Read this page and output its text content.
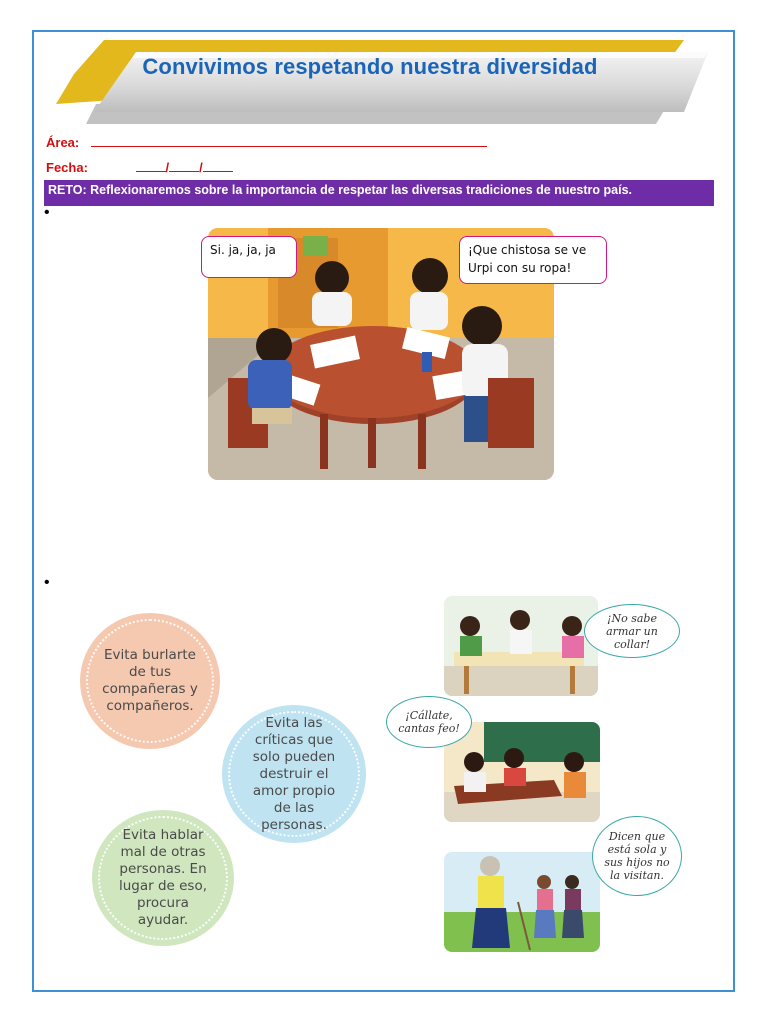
Convivimos respetando nuestra diversidad
Área:
Fecha:	/ /
RETO: Reflexionaremos sobre la importancia de respetar las diversas tradiciones de nuestro país.
•
•
Si. ja, ja, ja	¡Que chistosa se ve Urpi con su ropa!
Evita burlarte de tus compañeras y compañeros.
Evita las críticas que solo pueden destruir el amor propio de las personas.
Evita hablar mal de otras personas. En lugar de eso, procura ayudar.
¡No sabe armar un collar!
¡Cállate, cantas feo!
Dicen que está sola y sus hijos no la visitan.
